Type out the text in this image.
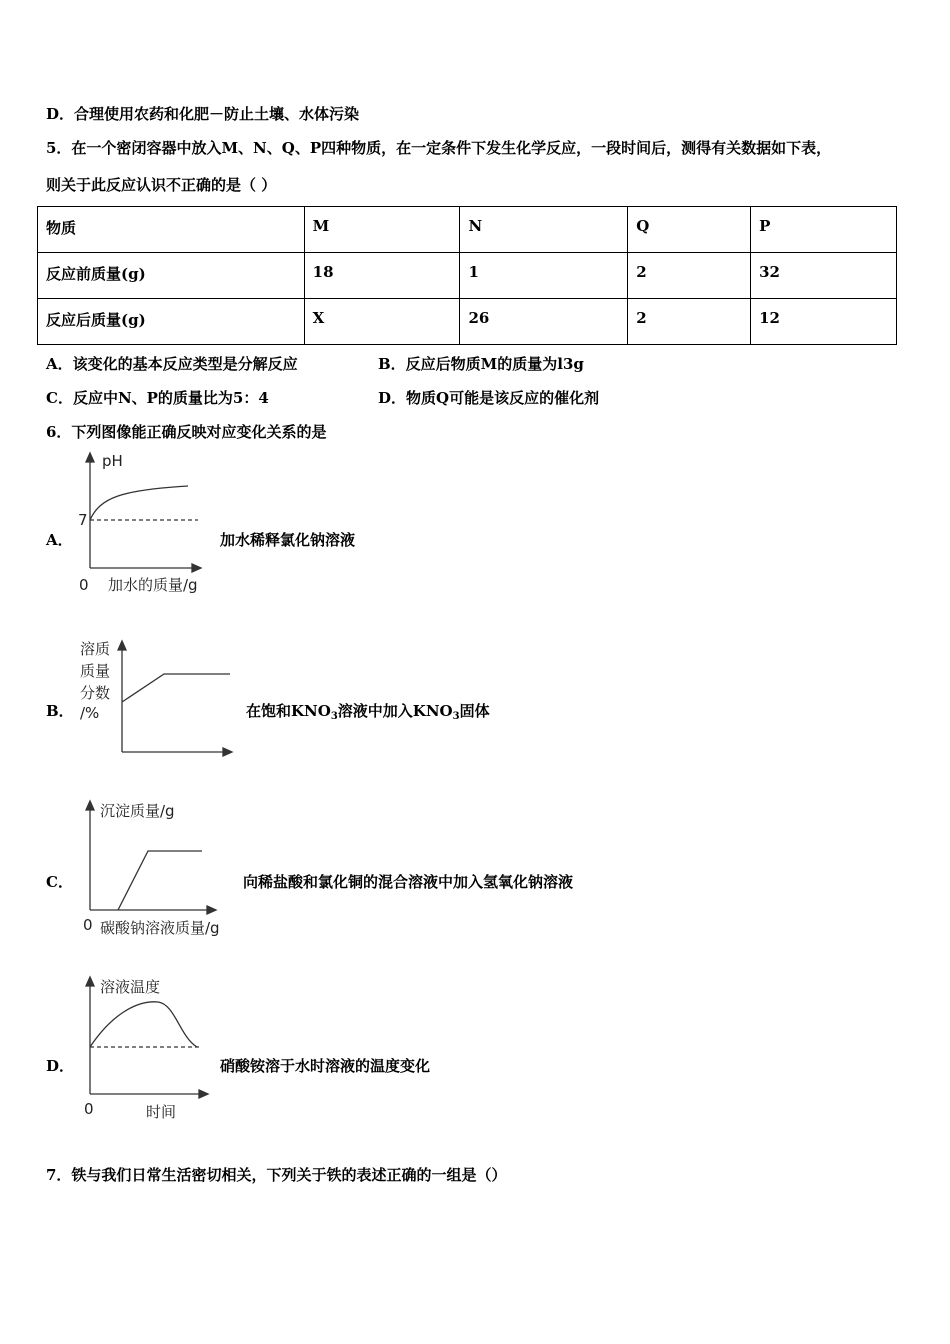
D．合理使用农药和化肥－防止土壤、水体污染
5．在一个密闭容器中放入M、N、Q、P四种物质，在一定条件下发生化学反应，一段时间后，测得有关数据如下表，
则关于此反应认识不正确的是（ ）
物质	M	N	Q	P
反应前质量(g)	18	1	2	32
反应后质量(g)	X	26	2	12
A．该变化的基本反应类型是分解反应	B．反应后物质M的质量为l3g
C．反应中N、P的质量比为5：4	D．物质Q可能是该反应的催化剂
6．下列图像能正确反映对应变化关系的是
A．
pH
7
0 加水的质量/g
加水稀释氯化钠溶液
B．
溶质
质量
分数
/%	在饱和$KNO_3$溶液中加入$KNO_3$固体
C．
沉淀质量/g
0 碳酸钠溶液质量/g
向稀盐酸和氯化铜的混合溶液中加入氢氧化钠溶液
D．
溶液温度
0	时间
硝酸铵溶于水时溶液的温度变化
7．铁与我们日常生活密切相关，下列关于铁的表述正确的一组是（）
